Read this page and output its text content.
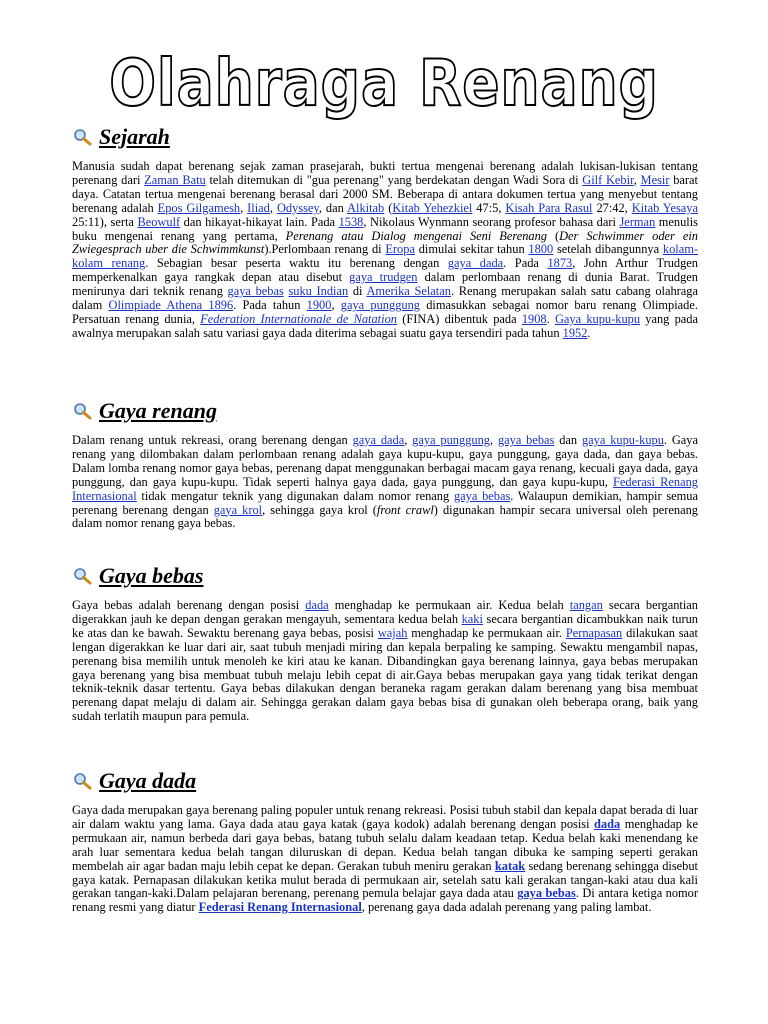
Olahraga Renang
Sejarah

Manusia sudah dapat berenang sejak zaman prasejarah, bukti tertua mengenai berenang adalah lukisan-lukisan tentang perenang dari Zaman Batu telah ditemukan di "gua perenang" yang berdekatan dengan Wadi Sora di Gilf Kebir, Mesir barat daya. Catatan tertua mengenai berenang berasal dari 2000 SM. Beberapa di antara dokumen tertua yang menyebut tentang berenang adalah Epos Gilgamesh, Iliad, Odyssey, dan Alkitab (Kitab Yehezkiel 47:5, Kisah Para Rasul 27:42, Kitab Yesaya 25:11), serta Beowulf dan hikayat-hikayat lain. Pada 1538, Nikolaus Wynmann seorang profesor bahasa dari Jerman menulis buku mengenai renang yang pertama, Perenang atau Dialog mengenai Seni Berenang (Der Schwimmer oder ein Zwiegesprach uber die Schwimmkunst).Perlombaan renang di Eropa dimulai sekitar tahun 1800 setelah dibangunnya kolam-kolam renang. Sebagian besar peserta waktu itu berenang dengan gaya dada. Pada 1873, John Arthur Trudgen memperkenalkan gaya rangkak depan atau disebut gaya trudgen dalam perlombaan renang di dunia Barat. Trudgen menirunya dari teknik renang gaya bebas suku Indian di Amerika Selatan. Renang merupakan salah satu cabang olahraga dalam Olimpiade Athena 1896. Pada tahun 1900, gaya punggung dimasukkan sebagai nomor baru renang Olimpiade. Persatuan renang dunia, Federation Internationale de Natation (FINA) dibentuk pada 1908. Gaya kupu-kupu yang pada awalnya merupakan salah satu variasi gaya dada diterima sebagai suatu gaya tersendiri pada tahun 1952.

Gaya renang

Dalam renang untuk rekreasi, orang berenang dengan gaya dada, gaya punggung, gaya bebas dan gaya kupu-kupu. Gaya renang yang dilombakan dalam perlombaan renang adalah gaya kupu-kupu, gaya punggung, gaya dada, dan gaya bebas. Dalam lomba renang nomor gaya bebas, perenang dapat menggunakan berbagai macam gaya renang, kecuali gaya dada, gaya punggung, dan gaya kupu-kupu. Tidak seperti halnya gaya dada, gaya punggung, dan gaya kupu-kupu, Federasi Renang Internasional tidak mengatur teknik yang digunakan dalam nomor renang gaya bebas. Walaupun demikian, hampir semua perenang berenang dengan gaya krol, sehingga gaya krol (front crawl) digunakan hampir secara universal oleh perenang dalam nomor renang gaya bebas.

Gaya bebas

Gaya bebas adalah berenang dengan posisi dada menghadap ke permukaan air. Kedua belah tangan secara bergantian digerakkan jauh ke depan dengan gerakan mengayuh, sementara kedua belah kaki secara bergantian dicambukkan naik turun ke atas dan ke bawah. Sewaktu berenang gaya bebas, posisi wajah menghadap ke permukaan air. Pernapasan dilakukan saat lengan digerakkan ke luar dari air, saat tubuh menjadi miring dan kepala berpaling ke samping. Sewaktu mengambil napas, perenang bisa memilih untuk menoleh ke kiri atau ke kanan. Dibandingkan gaya berenang lainnya, gaya bebas merupakan gaya berenang yang bisa membuat tubuh melaju lebih cepat di air.Gaya bebas merupakan gaya yang tidak terikat dengan teknik-teknik dasar tertentu. Gaya bebas dilakukan dengan beraneka ragam gerakan dalam berenang yang bisa membuat perenang dapat melaju di dalam air. Sehingga gerakan dalam gaya bebas bisa di gunakan oleh beberapa orang, baik yang sudah terlatih maupun para pemula.

Gaya dada

Gaya dada merupakan gaya berenang paling populer untuk renang rekreasi. Posisi tubuh stabil dan kepala dapat berada di luar air dalam waktu yang lama. Gaya dada atau gaya katak (gaya kodok) adalah berenang dengan posisi dada menghadap ke permukaan air, namun berbeda dari gaya bebas, batang tubuh selalu dalam keadaan tetap. Kedua belah kaki menendang ke arah luar sementara kedua belah tangan diluruskan di depan. Kedua belah tangan dibuka ke samping seperti gerakan membelah air agar badan maju lebih cepat ke depan. Gerakan tubuh meniru gerakan katak sedang berenang sehingga disebut gaya katak. Pernapasan dilakukan ketika mulut berada di permukaan air, setelah satu kali gerakan tangan-kaki atau dua kali gerakan tangan-kaki.Dalam pelajaran berenang, perenang pemula belajar gaya dada atau gaya bebas. Di antara ketiga nomor renang resmi yang diatur Federasi Renang Internasional, perenang gaya dada adalah perenang yang paling lambat.
